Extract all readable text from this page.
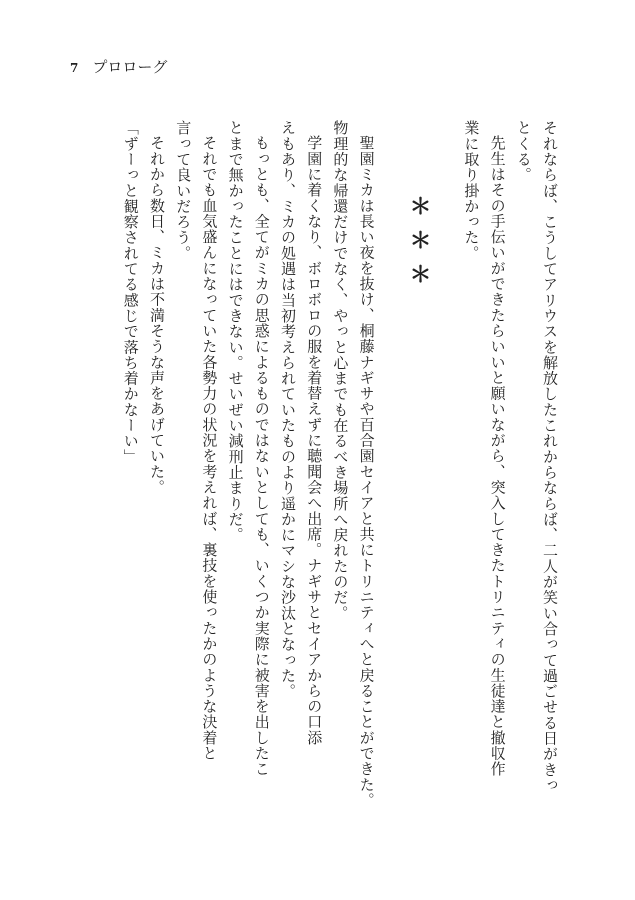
7 プロローグ
それならば、こうしてアリウスを解放したこれからならば、二人が笑い合って過ごせる日がきっ
とくる。
先生はその手伝いができたらいいと願いながら、突入してきたトリニティの生徒達と撤収作
業に取り掛かった。
＊＊＊
聖園ミカは長い夜を抜け、桐藤ナギサや百合園セイアと共にトリニティへと戻ることができた。
物理的な帰還だけでなく、やっと心までも在るべき場所へ戻れたのだ。
学園に着くなり、ボロボロの服を着替えずに聴聞会へ出席。ナギサとセイアからの口添
えもあり、ミカの処遇は当初考えられていたものより遥かにマシな沙汰となった。
もっとも、全てがミカの思惑によるものではないとしても、いくつか実際に被害を出したこ
とまで無かったことにはできない。せいぜい減刑止まりだ。
それでも血気盛んになっていた各勢力の状況を考えれば、裏技を使ったかのような決着と
言って良いだろう。
それから数日、ミカは不満そうな声をあげていた。
「ずーっと観察されてる感じで落ち着かなーい」
